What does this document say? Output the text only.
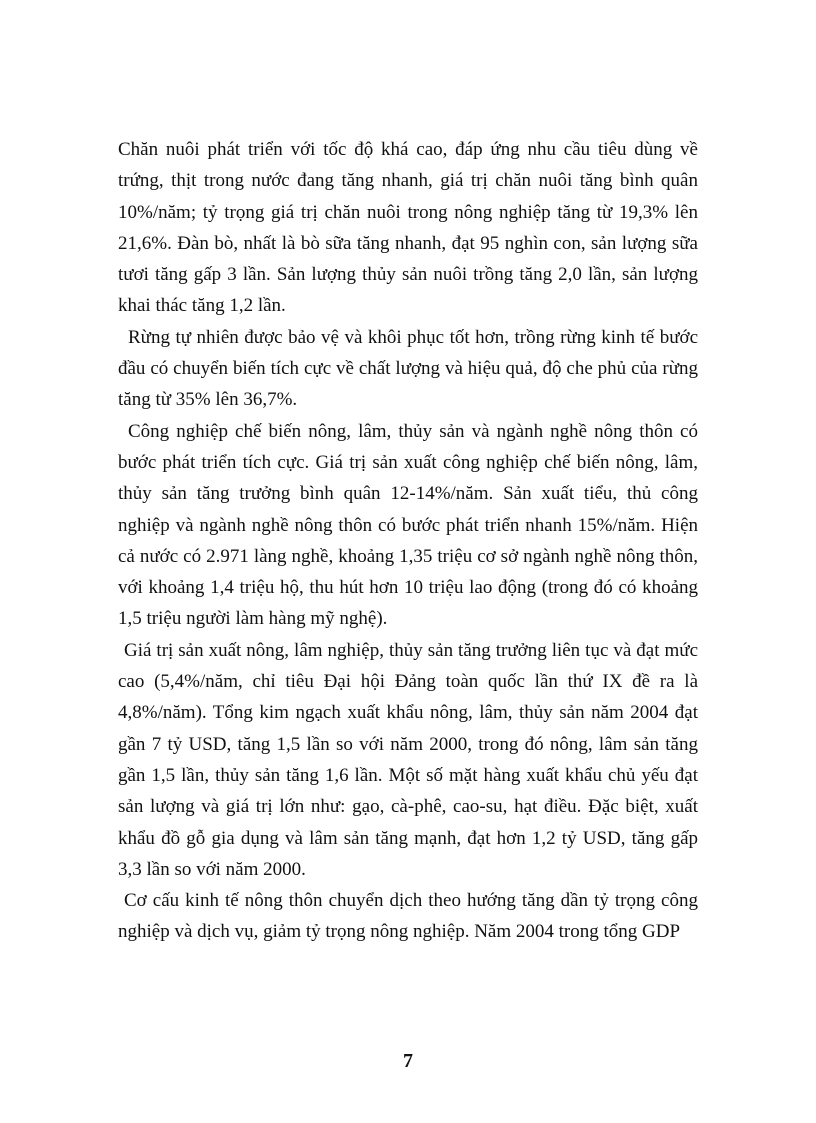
Chăn nuôi phát triển với tốc độ khá cao, đáp ứng nhu cầu tiêu dùng về trứng, thịt trong nước đang tăng nhanh, giá trị chăn nuôi tăng bình quân 10%/năm; tỷ trọng giá trị chăn nuôi trong nông nghiệp tăng từ 19,3% lên 21,6%. Đàn bò, nhất là bò sữa tăng nhanh, đạt 95 nghìn con, sản lượng sữa tươi tăng gấp 3 lần. Sản lượng thủy sản nuôi trồng tăng 2,0 lần, sản lượng khai thác tăng 1,2 lần.

Rừng tự nhiên được bảo vệ và khôi phục tốt hơn, trồng rừng kinh tế bước đầu có chuyển biến tích cực về chất lượng và hiệu quả, độ che phủ của rừng tăng từ 35% lên 36,7%.

Công nghiệp chế biến nông, lâm, thủy sản và ngành nghề nông thôn có bước phát triển tích cực. Giá trị sản xuất công nghiệp chế biến nông, lâm, thủy sản tăng trưởng bình quân 12-14%/năm. Sản xuất tiểu, thủ công nghiệp và ngành nghề nông thôn có bước phát triển nhanh 15%/năm. Hiện cả nước có 2.971 làng nghề, khoảng 1,35 triệu cơ sở ngành nghề nông thôn, với khoảng 1,4 triệu hộ, thu hút hơn 10 triệu lao động (trong đó có khoảng 1,5 triệu người làm hàng mỹ nghệ).

Giá trị sản xuất nông, lâm nghiệp, thủy sản tăng trưởng liên tục và đạt mức cao (5,4%/năm, chỉ tiêu Đại hội Đảng toàn quốc lần thứ IX đề ra là 4,8%/năm). Tổng kim ngạch xuất khẩu nông, lâm, thủy sản năm 2004 đạt gần 7 tỷ USD, tăng 1,5 lần so với năm 2000, trong đó nông, lâm sản tăng gần 1,5 lần, thủy sản tăng 1,6 lần. Một số mặt hàng xuất khẩu chủ yếu đạt sản lượng và giá trị lớn như: gạo, cà-phê, cao-su, hạt điều. Đặc biệt, xuất khẩu đồ gỗ gia dụng và lâm sản tăng mạnh, đạt hơn 1,2 tỷ USD, tăng gấp 3,3 lần so với năm 2000.

Cơ cấu kinh tế nông thôn chuyển dịch theo hướng tăng dần tỷ trọng công nghiệp và dịch vụ, giảm tỷ trọng nông nghiệp. Năm 2004 trong tổng GDP

7
